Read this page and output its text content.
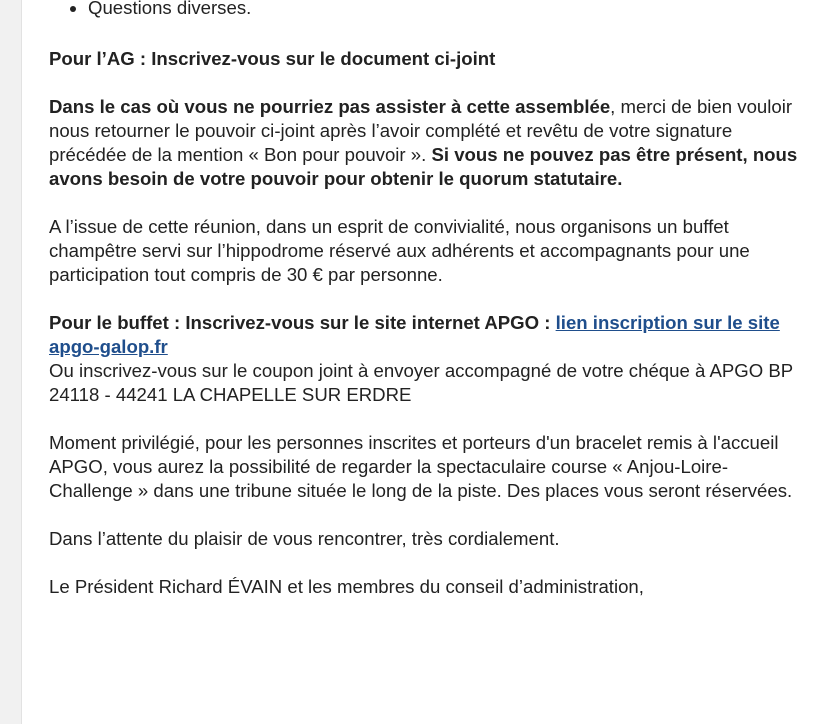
• Questions diverses.

Pour l’AG : Inscrivez-vous sur le document ci-joint

Dans le cas où vous ne pourriez pas assister à cette assemblée, merci de bien vouloir nous retourner le pouvoir ci-joint après l’avoir complété et revêtu de votre signature précédée de la mention « Bon pour pouvoir ». Si vous ne pouvez pas être présent, nous avons besoin de votre pouvoir pour obtenir le quorum statutaire.

A l’issue de cette réunion, dans un esprit de convivialité, nous organisons un buffet champêtre servi sur l’hippodrome réservé aux adhérents et accompagnants pour une participation tout compris de 30 € par personne.

Pour le buffet : Inscrivez-vous sur le site internet APGO : lien inscription sur le site apgo-galop.fr
Ou inscrivez-vous sur le coupon joint à envoyer accompagné de votre chéque à APGO BP 24118 - 44241 LA CHAPELLE SUR ERDRE

Moment privilégié, pour les personnes inscrites et porteurs d'un bracelet remis à l'accueil APGO, vous aurez la possibilité de regarder la spectaculaire course « Anjou-Loire-Challenge » dans une tribune située le long de la piste. Des places vous seront réservées.

Dans l’attente du plaisir de vous rencontrer, très cordialement.

Le Président Richard ÉVAIN et les membres du conseil d’administration,
